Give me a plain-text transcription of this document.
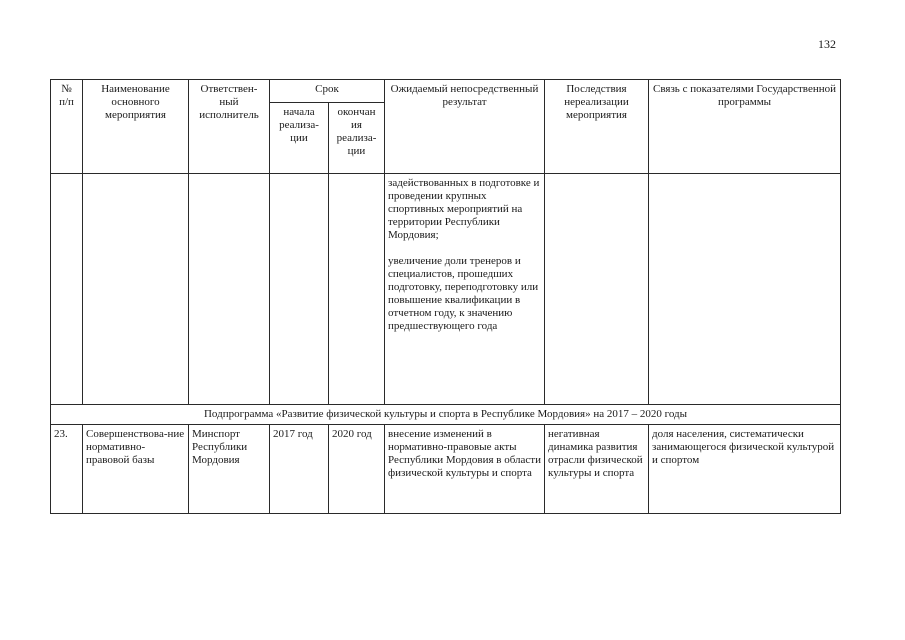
132
№
п/п	Наименование основного мероприятия	Ответствен-ный исполнитель	Срок		Ожидаемый непосредственный результат	Последствия нереализации мероприятия	Связь с показателями Государственной программы
			начала реализа-ции	окончан ия реализа-ции			

					задействованных в подготовке и проведении крупных спортивных мероприятий на территории Республики Мордовия;

увеличение доли тренеров и специалистов, прошедших подготовку, переподготовку или повышение квалификации в отчетном году, к значению предшествующего года		

Подпрограмма «Развитие физической культуры и спорта в Республике Мордовия» на 2017 – 2020 годы							
23.	Совершенствова-ние нормативно-правовой базы	Минспорт Республики Мордовия	2017 год	2020 год	внесение изменений в нормативно-правовые акты Республики Мордовия в области физической культуры и спорта	негативная динамика развития отрасли физической культуры и спорта	доля населения, систематически занимающегося физической культурой и спортом
